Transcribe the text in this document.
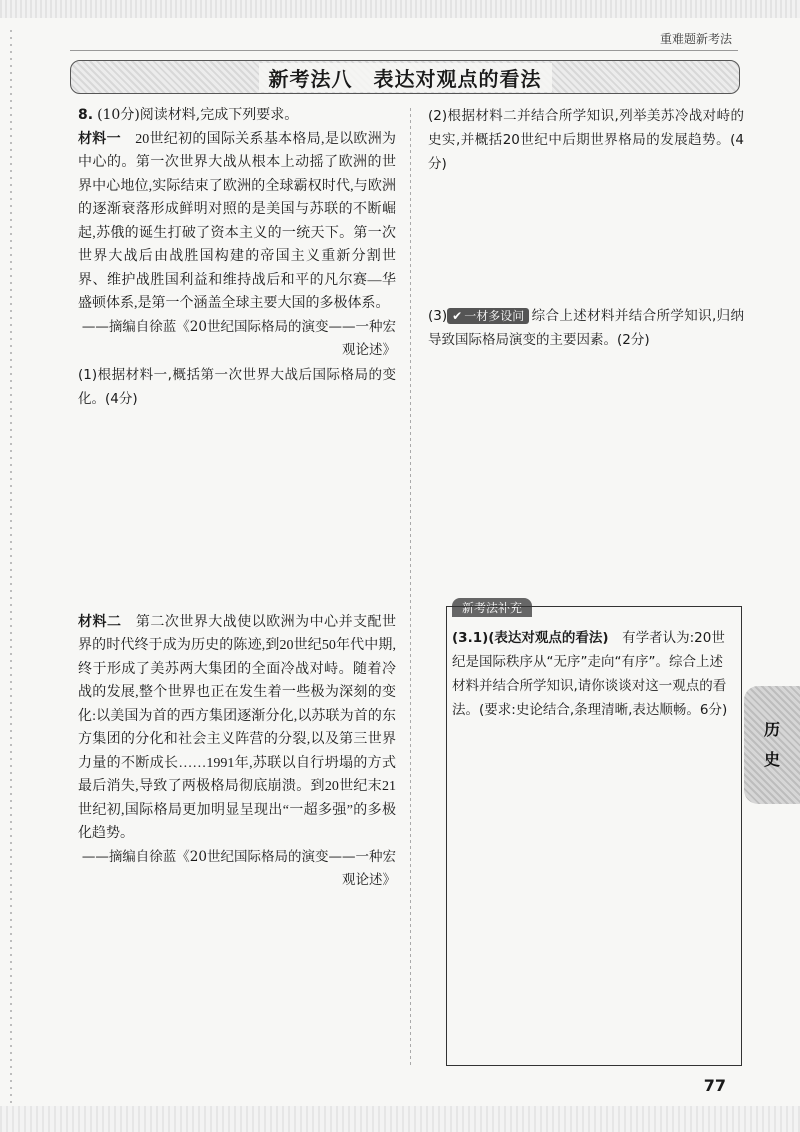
重难题新考法
新考法八　表达对观点的看法

8. (10分)阅读材料,完成下列要求。

材料一　 20世纪初的国际关系基本格局,是以欧洲为中心的。第一次世界大战从根本上动摇了欧洲的世界中心地位,实际结束了欧洲的全球霸权时代,与欧洲的逐渐衰落形成鲜明对照的是美国与苏联的不断崛起,苏俄的诞生打破了资本主义的一统天下。第一次世界大战后由战胜国构建的帝国主义重新分割世界、维护战胜国利益和维持战后和平的凡尔赛—华盛顿体系,是第一个涵盖全球主要大国的多极体系。

——摘编自徐蓝《20世纪国际格局的演变——一种宏观论述》

(1)根据材料一,概括第一次世界大战后国际格局的变化。(4分)

材料二　 第二次世界大战使以欧洲为中心并支配世界的时代终于成为历史的陈迹,到20世纪50年代中期,终于形成了美苏两大集团的全面冷战对峙。随着冷战的发展,整个世界也正在发生着一些极为深刻的变化:以美国为首的西方集团逐渐分化,以苏联为首的东方集团的分化和社会主义阵营的分裂,以及第三世界力量的不断成长……1991年,苏联以自行坍塌的方式最后消失,导致了两极格局彻底崩溃。到20世纪末21世纪初,国际格局更加明显呈现出“一超多强”的多极化趋势。

——摘编自徐蓝《20世纪国际格局的演变——一种宏观论述》

(2)根据材料二并结合所学知识,列举美苏冷战对峙的史实,并概括20世纪中后期世界格局的发展趋势。(4分)

(3) ✔ 一材多设问 综合上述材料并结合所学知识,归纳导致国际格局演变的主要因素。(2分)

新考法补充
(3.1)(表达对观点的看法)　 有学者认为:20世纪是国际秩序从“无序”走向“有序”。综合上述材料并结合所学知识,请你谈谈对这一观点的看法。(要求:史论结合,条理清晰,表达顺畅。6分)
历
史
77
